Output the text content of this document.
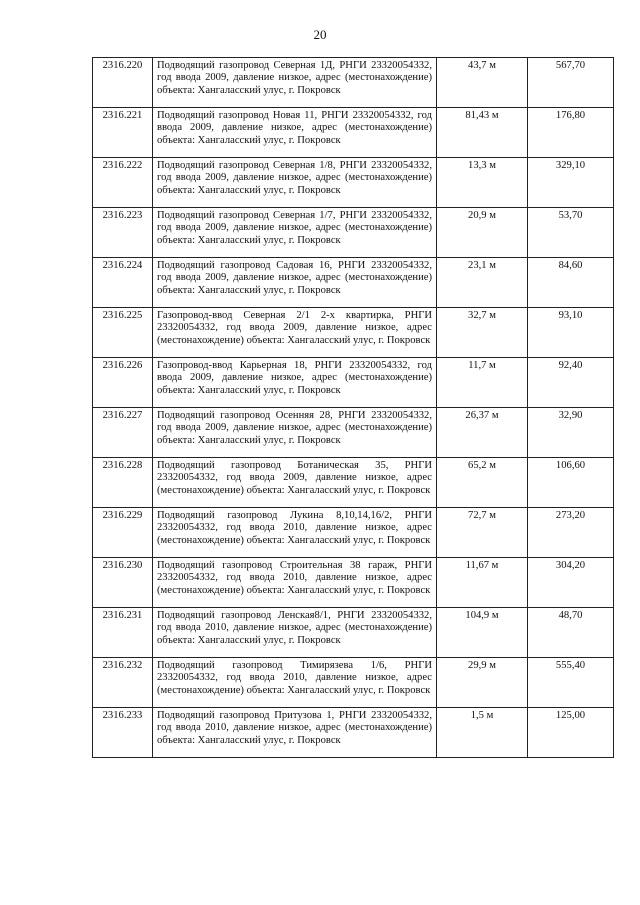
20
2316.220	Подводящий газопровод Северная 1Д, РНГИ 23320054332, год ввода 2009, давление низкое, адрес (местонахождение) объекта: Хангаласский улус, г. Покровск	43,7 м	567,70
2316.221	Подводящий газопровод Новая 11, РНГИ 23320054332, год ввода 2009, давление низкое, адрес (местонахождение) объекта: Хангаласский улус, г. Покровск	81,43 м	176,80
2316.222	Подводящий газопровод Северная 1/8, РНГИ 23320054332, год ввода 2009, давление низкое, адрес (местонахождение) объекта: Хангаласский улус, г. Покровск	13,3 м	329,10
2316.223	Подводящий газопровод Северная 1/7, РНГИ 23320054332, год ввода 2009, давление низкое, адрес (местонахождение) объекта: Хангаласский улус, г. Покровск	20,9 м	53,70
2316.224	Подводящий газопровод Садовая 16, РНГИ 23320054332, год ввода 2009, давление низкое, адрес (местонахождение) объекта: Хангаласский улус, г. Покровск	23,1 м	84,60
2316.225	Газопровод-ввод Северная 2/1 2-х квартирка, РНГИ 23320054332, год ввода 2009, давление низкое, адрес (местонахождение) объекта: Хангаласский улус, г. Покровск	32,7 м	93,10
2316.226	Газопровод-ввод Карьерная 18, РНГИ 23320054332, год ввода 2009, давление низкое, адрес (местонахождение) объекта: Хангаласский улус, г. Покровск	11,7 м	92,40
2316.227	Подводящий газопровод Осенняя 28, РНГИ 23320054332, год ввода 2009, давление низкое, адрес (местонахождение) объекта: Хангаласский улус, г. Покровск	26,37 м	32,90
2316.228	Подводящий газопровод Ботаническая 35, РНГИ 23320054332, год ввода 2009, давление низкое, адрес (местонахождение) объекта: Хангаласский улус, г. Покровск	65,2 м	106,60
2316.229	Подводящий газопровод Лукина 8,10,14,16/2, РНГИ 23320054332, год ввода 2010, давление низкое, адрес (местонахождение) объекта: Хангаласский улус, г. Покровск	72,7 м	273,20
2316.230	Подводящий газопровод Строительная 38 гараж, РНГИ 23320054332, год ввода 2010, давление низкое, адрес (местонахождение) объекта: Хангаласский улус, г. Покровск	11,67 м	304,20
2316.231	Подводящий газопровод Ленская8/1, РНГИ 23320054332, год ввода 2010, давление низкое, адрес (местонахождение) объекта: Хангаласский улус, г. Покровск	104,9 м	48,70
2316.232	Подводящий газопровод Тимирязева 1/6, РНГИ 23320054332, год ввода 2010, давление низкое, адрес (местонахождение) объекта: Хангаласский улус, г. Покровск	29,9 м	555,40
2316.233	Подводящий газопровод Притузова 1, РНГИ 23320054332, год ввода 2010, давление низкое, адрес (местонахождение) объекта: Хангаласский улус, г. Покровск	1,5 м	125,00
